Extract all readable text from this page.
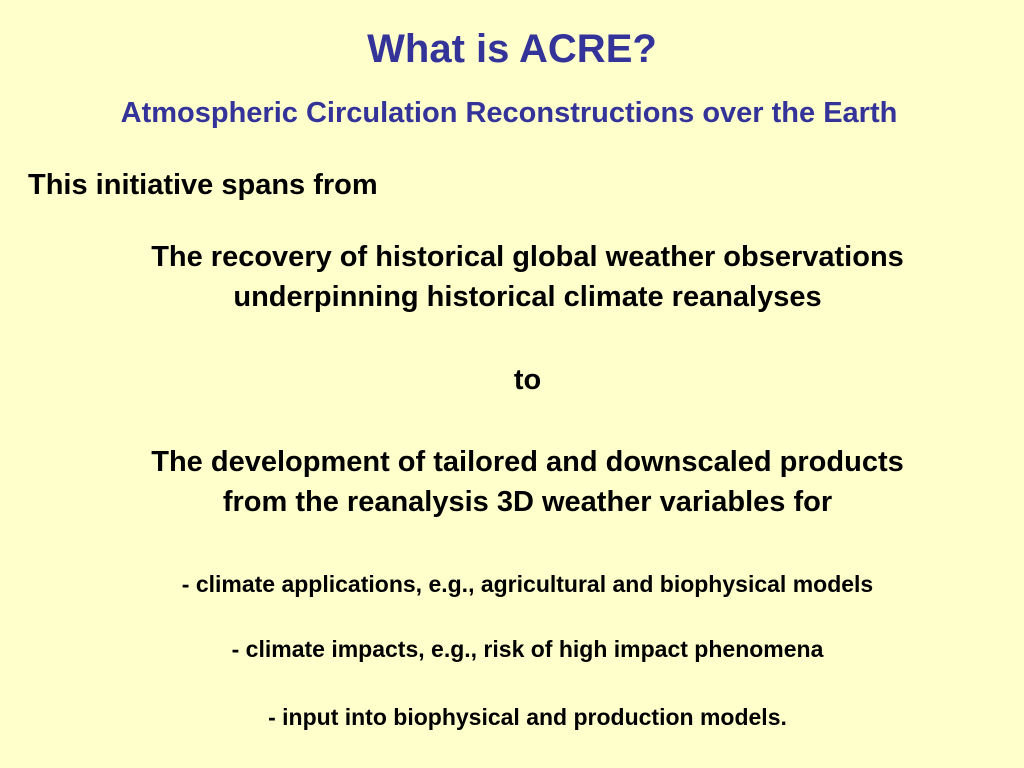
What is ACRE?
Atmospheric Circulation Reconstructions over the Earth
This initiative spans from
The recovery of historical global weather observations
underpinning historical climate reanalyses
to
The development of tailored and downscaled products
from the reanalysis 3D weather variables for
- climate applications, e.g., agricultural and biophysical models
- climate impacts, e.g., risk of high impact phenomena
- input into biophysical and production models.
